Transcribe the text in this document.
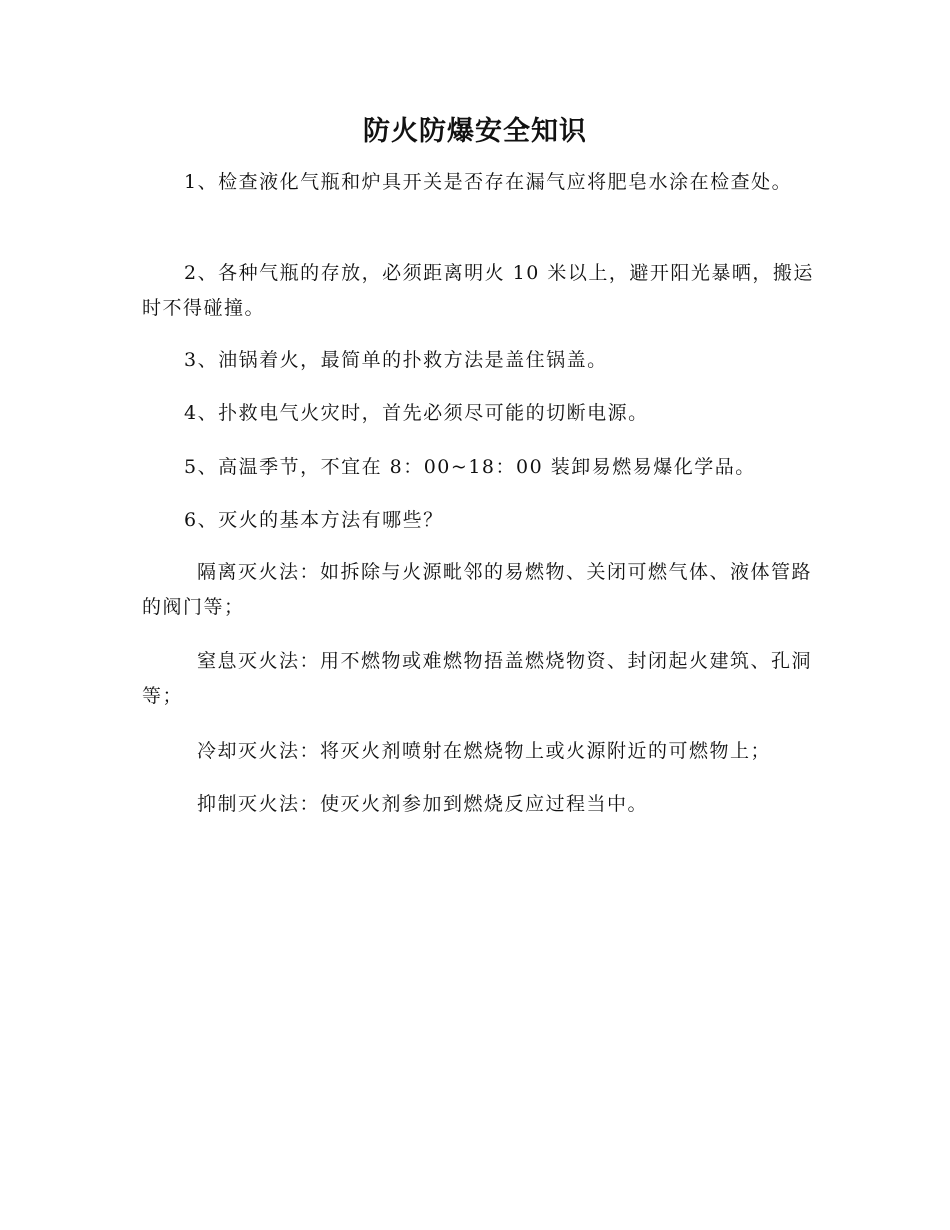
防火防爆安全知识

1、检查液化气瓶和炉具开关是否存在漏气应将肥皂水涂在检查处。

2、各种气瓶的存放，必须距离明火 10 米以上，避开阳光暴晒，搬运时不得碰撞。

3、油锅着火，最简单的扑救方法是盖住锅盖。

4、扑救电气火灾时，首先必须尽可能的切断电源。

5、高温季节，不宜在 8：00~18：00 装卸易燃易爆化学品。

6、灭火的基本方法有哪些？

隔离灭火法：如拆除与火源毗邻的易燃物、关闭可燃气体、液体管路的阀门等；

窒息灭火法：用不燃物或难燃物捂盖燃烧物资、封闭起火建筑、孔洞等；

冷却灭火法：将灭火剂喷射在燃烧物上或火源附近的可燃物上；

抑制灭火法：使灭火剂参加到燃烧反应过程当中。
